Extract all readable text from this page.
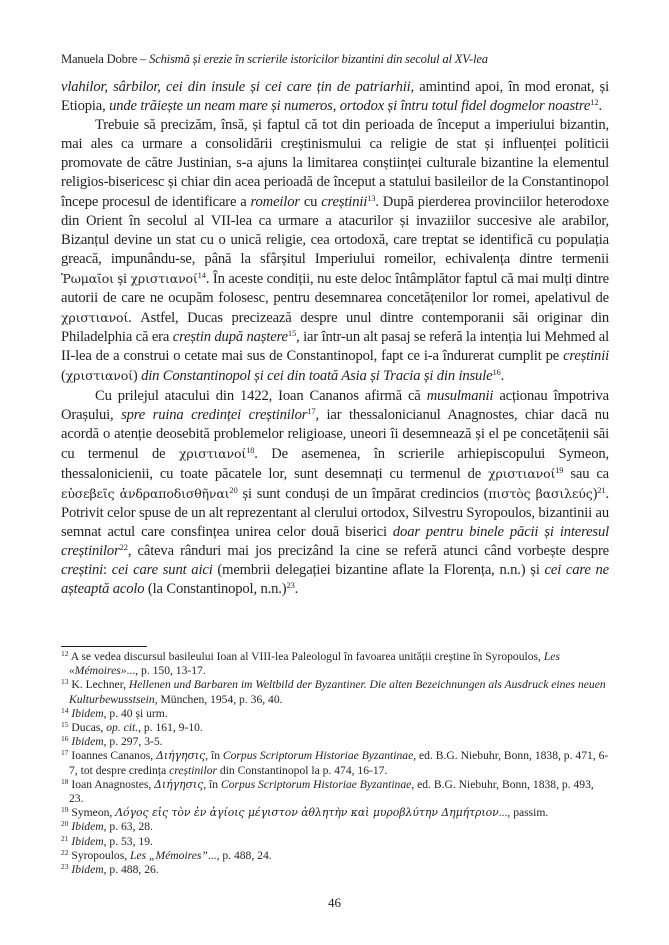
Manuela Dobre – Schismă și erezie în scrierile istoricilor bizantini din secolul al XV-lea

vlahilor, sârbilor, cei din insule și cei care țin de patriarhii, amintind apoi, în mod eronat, și Etiopia, unde trăiește un neam mare și numeros, ortodox și întru totul fidel dogmelor noastre$^{12}$.

Trebuie să precizăm, însă, și faptul că tot din perioada de început a imperiului bizantin, mai ales ca urmare a consolidării creștinismului ca religie de stat și influenței politicii promovate de către Justinian, s-a ajuns la limitarea conștiinței culturale bizantine la elementul religios-bisericesc și chiar din acea perioadă de început a statului basileilor de la Constantinopol începe procesul de identificare a romeilor cu creștinii$^{13}$. După pierderea provinciilor heterodoxe din Orient în secolul al VII-lea ca urmare a atacurilor și invaziilor succesive ale arabilor, Bizanțul devine un stat cu o unică religie, cea ortodoxă, care treptat se identifică cu populația greacă, impunându-se, până la sfârșitul Imperiului romeilor, echivalența dintre termenii Ῥωμαῖοι și χριστιανοί$^{14}$. În aceste condiții, nu este deloc întâmplător faptul că mai mulți dintre autorii de care ne ocupăm folosesc, pentru desemnarea concetățenilor lor romei, apelativul de χριστιανοί. Astfel, Ducas precizează despre unul dintre contemporanii săi originar din Philadelphia că era creștin după naștere$^{15}$, iar într-un alt pasaj se referă la intenția lui Mehmed al II-lea de a construi o cetate mai sus de Constantinopol, fapt ce i-a îndurerat cumplit pe creștinii (χριστιανοί) din Constantinopol și cei din toată Asia și Tracia și din insule$^{16}$.

Cu prilejul atacului din 1422, Ioan Cananos afirmă că musulmanii acționau împotriva Orașului, spre ruina credinței creștinilor$^{17}$, iar thessalonicianul Anagnostes, chiar dacă nu acordă o atenție deosebită problemelor religioase, uneori îi desemnează și el pe concetățenii săi cu termenul de χριστιανοί$^{18}$. De asemenea, în scrierile arhiepiscopului Symeon, thessalonicienii, cu toate păcatele lor, sunt desemnați cu termenul de χριστιανοί$^{19}$ sau ca εὐσεβεῖς ἀνδραποδισθῆναι$^{20}$ și sunt conduși de un împărat credincios (πιστὸς βασιλεύς)$^{21}$. Potrivit celor spuse de un alt reprezentant al clerului ortodox, Silvestru Syropoulos, bizantinii au semnat actul care consfințea unirea celor două biserici doar pentru binele păcii și interesul creștinilor$^{22}$, câteva rânduri mai jos precizând la cine se referă atunci când vorbește despre creștini: cei care sunt aici (membrii delegației bizantine aflate la Florența, n.n.) și cei care ne așteaptă acolo (la Constantinopol, n.n.)$^{23}$.

$^{12}$ A se vedea discursul basileului Ioan al VIII-lea Paleologul în favoarea unității creștine în Syropoulos, Les «Mémoires»..., p. 150, 13-17.

$^{13}$ K. Lechner, Hellenen und Barbaren im Weltbild der Byzantiner. Die alten Bezeichnungen als Ausdruck eines neuen Kulturbewusstsein, München, 1954, p. 36, 40.

$^{14}$ Ibidem, p. 40 și urm.

$^{15}$ Ducas, op. cit., p. 161, 9-10.

$^{16}$ Ibidem, p. 297, 3-5.

$^{17}$ Ioannes Cananos, Διήγησις, în Corpus Scriptorum Historiae Byzantinae, ed. B.G. Niebuhr, Bonn, 1838, p. 471, 6-7, tot despre credința creștinilor din Constantinopol la p. 474, 16-17.

$^{18}$ Ioan Anagnostes, Διήγησις, în Corpus Scriptorum Historiae Byzantinae, ed. B.G. Niebuhr, Bonn, 1838, p. 493, 23.

$^{19}$ Symeon, Λόγος εἰς τὸν ἐν ἁγίοις μέγιστον ἀθλητὴν καὶ μυροβλύτην Δημήτριον..., passim.

$^{20}$ Ibidem, p. 63, 28.

$^{21}$ Ibidem, p. 53, 19.

$^{22}$ Syropoulos, Les „Mémoires”..., p. 488, 24.

$^{23}$ Ibidem, p. 488, 26.

46
